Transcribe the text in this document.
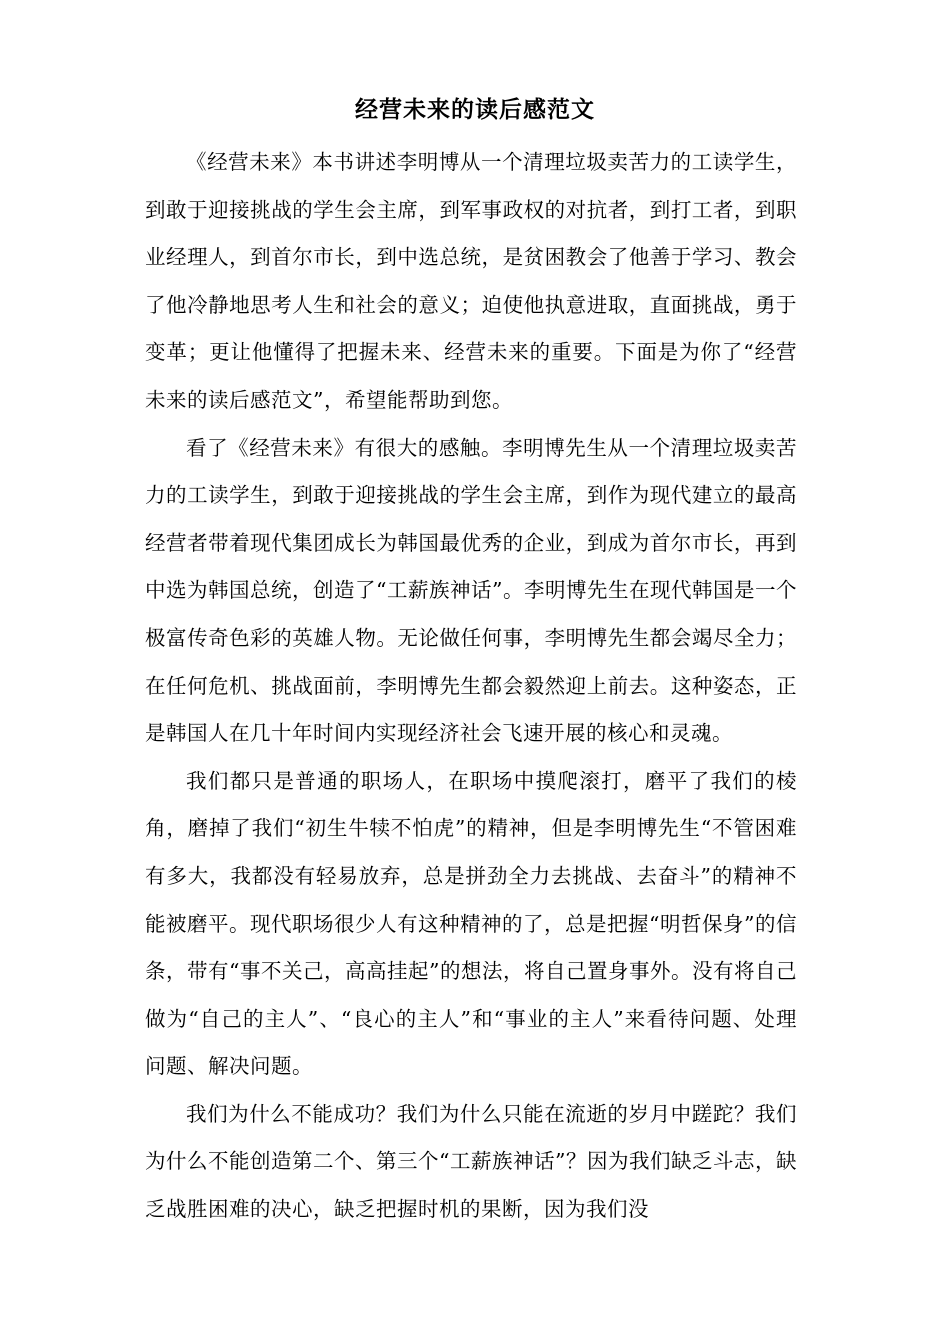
经营未来的读后感范文

《经营未来》本书讲述李明博从一个清理垃圾卖苦力的工读学生，到敢于迎接挑战的学生会主席，到军事政权的对抗者，到打工者，到职业经理人，到首尔市长，到中选总统，是贫困教会了他善于学习、教会了他冷静地思考人生和社会的意义；迫使他执意进取，直面挑战，勇于变革；更让他懂得了把握未来、经营未来的重要。下面是为你了“经营未来的读后感范文”，希望能帮助到您。

看了《经营未来》有很大的感触。李明博先生从一个清理垃圾卖苦力的工读学生，到敢于迎接挑战的学生会主席，到作为现代建立的最高经营者带着现代集团成长为韩国最优秀的企业，到成为首尔市长，再到中选为韩国总统，创造了“工薪族神话”。李明博先生在现代韩国是一个极富传奇色彩的英雄人物。无论做任何事，李明博先生都会竭尽全力；在任何危机、挑战面前，李明博先生都会毅然迎上前去。这种姿态，正是韩国人在几十年时间内实现经济社会飞速开展的核心和灵魂。

我们都只是普通的职场人，在职场中摸爬滚打，磨平了我们的棱角，磨掉了我们“初生牛犊不怕虎”的精神，但是李明博先生“不管困难有多大，我都没有轻易放弃，总是拼劲全力去挑战、去奋斗”的精神不能被磨平。现代职场很少人有这种精神的了，总是把握“明哲保身”的信条，带有“事不关己，高高挂起”的想法，将自己置身事外。没有将自己做为“自己的主人”、“良心的主人”和“事业的主人”来看待问题、处理问题、解决问题。

我们为什么不能成功？我们为什么只能在流逝的岁月中蹉跎？我们为什么不能创造第二个、第三个“工薪族神话”？因为我们缺乏斗志，缺乏战胜困难的决心，缺乏把握时机的果断，因为我们没
